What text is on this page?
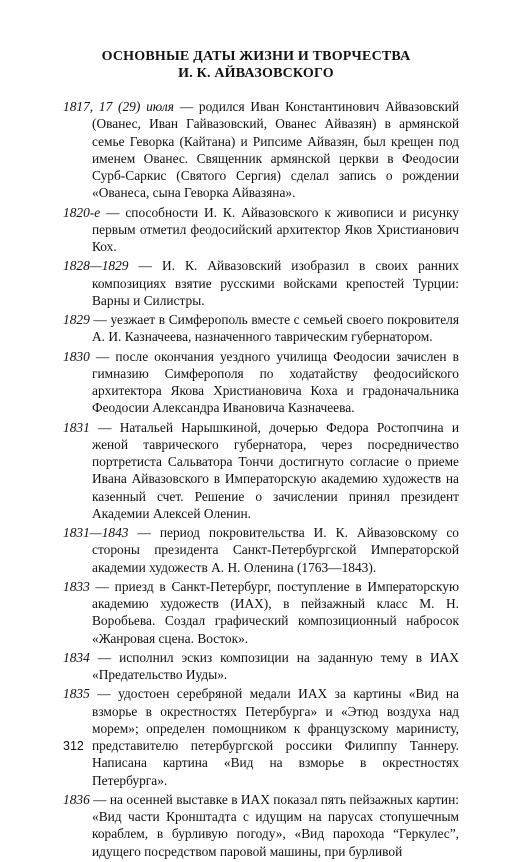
ОСНОВНЫЕ ДАТЫ ЖИЗНИ И ТВОРЧЕСТВА
И. К. АЙВАЗОВСКОГО

1817, 17 (29) июля — родился Иван Константинович Айвазовский (Ованес, Иван Гайвазовский, Ованес Айвазян) в армянской семье Геворка (Кайтана) и Рипсиме Айвазян, был крещен под именем Ованес. Священник армянской церкви в Феодосии Сурб-Саркис (Святого Сергия) сделал запись о рождении «Ованеса, сына Геворка Айвазяна».

1820-е — способности И. К. Айвазовского к живописи и рисунку первым отметил феодосийский архитектор Яков Христианович Кох.

1828—1829 — И. К. Айвазовский изобразил в своих ранних композициях взятие русскими войсками крепостей Турции: Варны и Силистры.

1829 — уезжает в Симферополь вместе с семьей своего покровителя А. И. Казначеева, назначенного таврическим губернатором.

1830 — после окончания уездного училища Феодосии зачислен в гимназию Симферополя по ходатайству феодосийского архитектора Якова Христиановича Коха и градоначальника Феодосии Александра Ивановича Казначеева.

1831 — Натальей Нарышкиной, дочерью Федора Ростопчина и женой таврического губернатора, через посредничество портретиста Сальватора Тончи достигнуто согласие о приеме Ивана Айвазовского в Императорскую академию художеств на казенный счет. Решение о зачислении принял президент Академии Алексей Оленин.

1831—1843 — период покровительства И. К. Айвазовскому со стороны президента Санкт-Петербургской Императорской академии художеств А. Н. Оленина (1763—1843).

1833 — приезд в Санкт-Петербург, поступление в Императорскую академию художеств (ИАХ), в пейзажный класс М. Н. Воробьева. Создал графический композиционный набросок «Жанровая сцена. Восток».

1834 — исполнил эскиз композиции на заданную тему в ИАХ «Предательство Иуды».

1835 — удостоен серебряной медали ИАХ за картины «Вид на взморье в окрестностях Петербурга» и «Этюд воздуха над морем»; определен помощником к французскому маринисту, представителю петербургской россики Филиппу Таннеру. Написана картина «Вид на взморье в окрестностях Петербурга».

1836 — на осенней выставке в ИАХ показал пять пейзажных картин: «Вид части Кронштадта с идущим на парусах стопушечным кораблем, в бурливую погоду», «Вид парохода “Геркулес”, идущего посредством паровой машины, при бурливой

312
